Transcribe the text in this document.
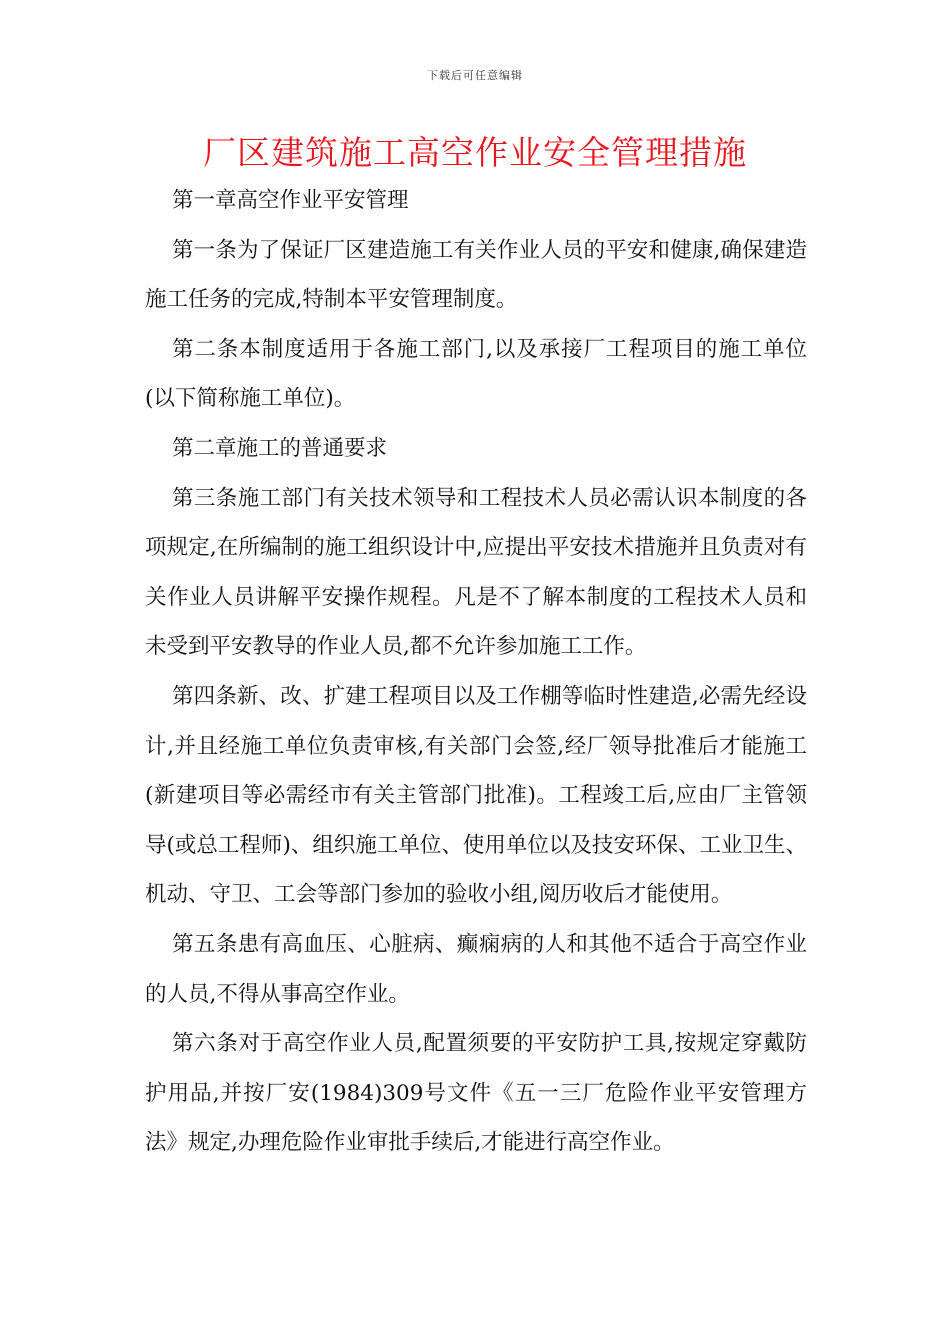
下载后可任意编辑
厂区建筑施工高空作业安全管理措施

第一章高空作业平安管理

第一条为了保证厂区建造施工有关作业人员的平安和健康,确保建造施工任务的完成,特制本平安管理制度。

第二条本制度适用于各施工部门,以及承接厂工程项目的施工单位(以下简称施工单位)。

第二章施工的普通要求

第三条施工部门有关技术领导和工程技术人员必需认识本制度的各项规定,在所编制的施工组织设计中,应提出平安技术措施并且负责对有关作业人员讲解平安操作规程。凡是不了解本制度的工程技术人员和未受到平安教导的作业人员,都不允许参加施工工作。

第四条新、改、扩建工程项目以及工作棚等临时性建造,必需先经设计,并且经施工单位负责审核,有关部门会签,经厂领导批准后才能施工(新建项目等必需经市有关主管部门批准)。工程竣工后,应由厂主管领导(或总工程师)、组织施工单位、使用单位以及技安环保、工业卫生、机动、守卫、工会等部门参加的验收小组,阅历收后才能使用。

第五条患有高血压、心脏病、癫痫病的人和其他不适合于高空作业的人员,不得从事高空作业。

第六条对于高空作业人员,配置须要的平安防护工具,按规定穿戴防护用品,并按厂安(1984)309号文件《五一三厂危险作业平安管理方法》规定,办理危险作业审批手续后,才能进行高空作业。
